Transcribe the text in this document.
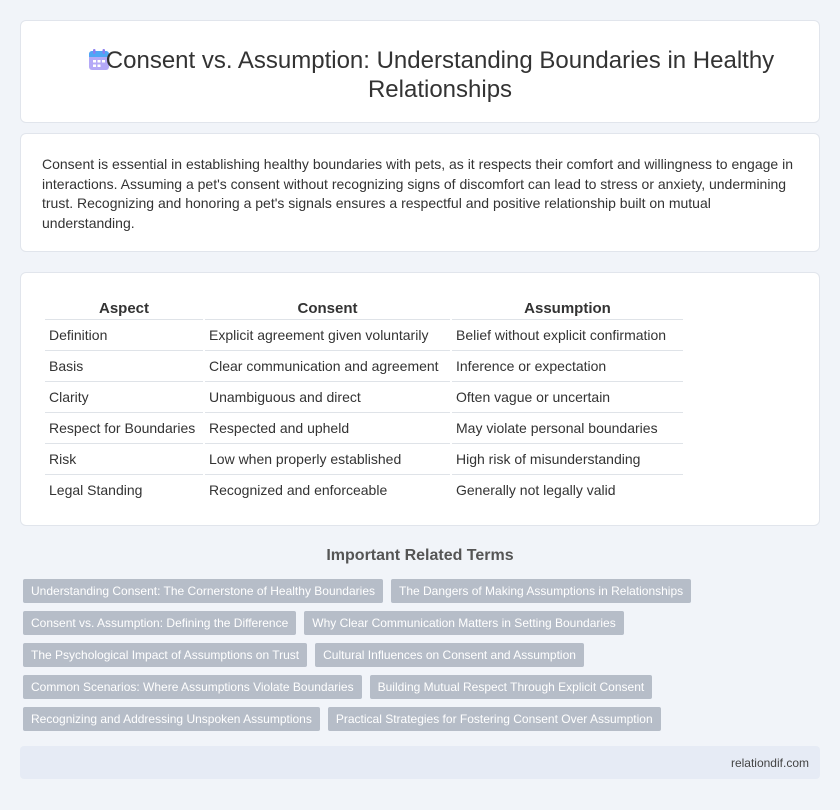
Consent vs. Assumption: Understanding Boundaries in Healthy Relationships

Consent is essential in establishing healthy boundaries with pets, as it respects their comfort and willingness to engage in interactions. Assuming a pet's consent without recognizing signs of discomfort can lead to stress or anxiety, undermining trust. Recognizing and honoring a pet's signals ensures a respectful and positive relationship built on mutual understanding.

Aspect	Consent	Assumption
Definition	Explicit agreement given voluntarily	Belief without explicit confirmation
Basis	Clear communication and agreement	Inference or expectation
Clarity	Unambiguous and direct	Often vague or uncertain
Respect for Boundaries	Respected and upheld	May violate personal boundaries
Risk	Low when properly established	High risk of misunderstanding
Legal Standing	Recognized and enforceable	Generally not legally valid
Important Related Terms
Understanding Consent: The Cornerstone of Healthy Boundaries	The Dangers of Making Assumptions in Relationships
Consent vs. Assumption: Defining the Difference	Why Clear Communication Matters in Setting Boundaries
The Psychological Impact of Assumptions on Trust	Cultural Influences on Consent and Assumption
Common Scenarios: Where Assumptions Violate Boundaries	Building Mutual Respect Through Explicit Consent
Recognizing and Addressing Unspoken Assumptions	Practical Strategies for Fostering Consent Over Assumption
relationdif.com
